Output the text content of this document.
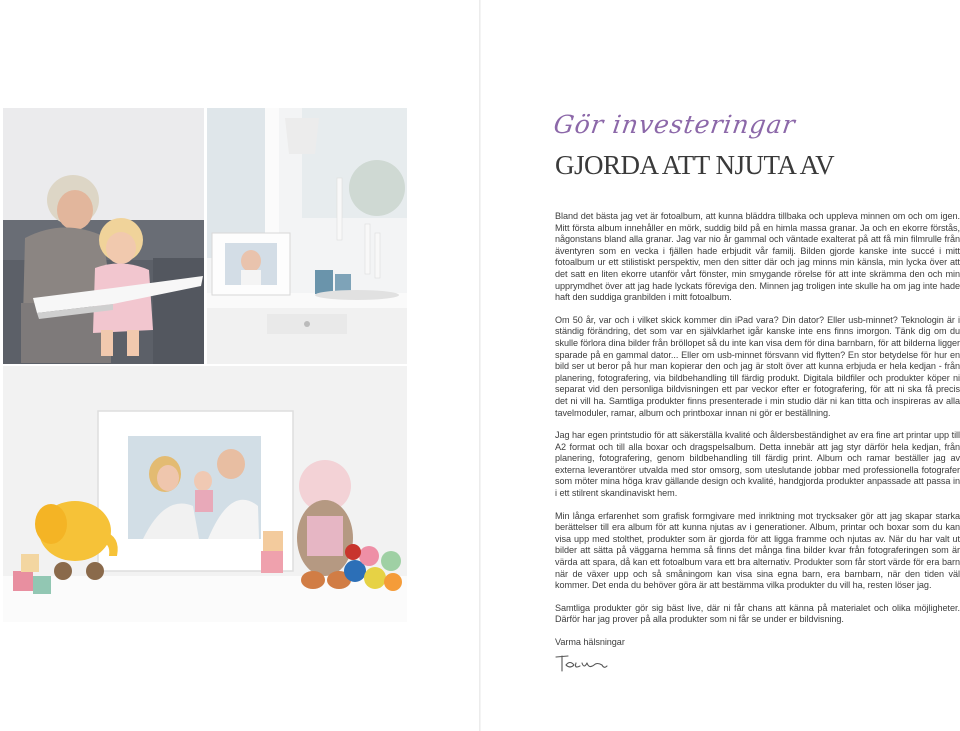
Gör investeringar
GJORDA ATT NJUTA AV

Bland det bästa jag vet är fotoalbum, att kunna bläddra tillbaka och uppleva minnen om och om igen. Mitt första album innehåller en mörk, suddig bild på en himla massa granar. Ja och en ekorre förstås, någonstans bland alla granar. Jag var nio år gammal och väntade exalterat på att få min filmrulle från äventyren som en vecka i fjällen hade erbjudit vår familj. Bilden gjorde kanske inte succé i mitt fotoalbum ur ett stilistiskt perspektiv, men den sitter där och jag minns min känsla, min lycka över att det satt en liten ekorre utanför vårt fönster, min smygande rörelse för att inte skrämma den och min upprymdhet över att jag hade lyckats föreviga den. Minnen jag troligen inte skulle ha om jag inte hade haft den suddiga granbilden i mitt fotoalbum.

Om 50 år, var och i vilket skick kommer din iPad vara? Din dator? Eller usb-minnet? Teknologin är i ständig förändring, det som var en självklarhet igår kanske inte ens finns imorgon. Tänk dig om du skulle förlora dina bilder från bröllopet så du inte kan visa dem för dina barnbarn, för att bilderna ligger sparade på en gammal dator... Eller om usb-minnet försvann vid flytten? En stor betydelse för hur en bild ser ut beror på hur man kopierar den och jag är stolt över att kunna erbjuda er hela kedjan - från planering, fotografering, via bildbehandling till färdig produkt. Digitala bildfiler och produkter köper ni separat vid den personliga bildvisningen ett par veckor efter er fotografering, för att ni ska få precis det ni vill ha. Samtliga produkter finns presenterade i min studio där ni kan titta och inspireras av alla tavelmoduler, ramar, album och printboxar innan ni gör er beställning.

Jag har egen printstudio för att säkerställa kvalité och åldersbeständighet av era fine art printar upp till A2 format och till alla boxar och dragspelsalbum. Detta innebär att jag styr därför hela kedjan, från planering, fotografering, genom bildbehandling till färdig print. Album och ramar beställer jag av externa leverantörer utvalda med stor omsorg, som uteslutande jobbar med professionella fotografer som möter mina höga krav gällande design och kvalité, handgjorda produkter anpassade att passa in i ett stilrent skandinaviskt hem.

Min långa erfarenhet som grafisk formgivare med inriktning mot trycksaker gör att jag skapar starka berättelser till era album för att kunna njutas av i generationer. Album, printar och boxar som du kan visa upp med stolthet, produkter som är gjorda för att ligga framme och njutas av. När du har valt ut bilder att sätta på väggarna hemma så finns det många fina bilder kvar från fotograferingen som är värda att spara, då kan ett fotoalbum vara ett bra alternativ. Produkter som får stort värde för era barn när de växer upp och så småningom kan visa sina egna barn, era barnbarn, när den tiden väl kommer. Det enda du behöver göra är att bestämma vilka produkter du vill ha, resten löser jag.

Samtliga produkter gör sig bäst live, där ni får chans att känna på materialet och olika möjligheter. Därför har jag prover på alla produkter som ni får se under er bildvisning.

Varma hälsningar
